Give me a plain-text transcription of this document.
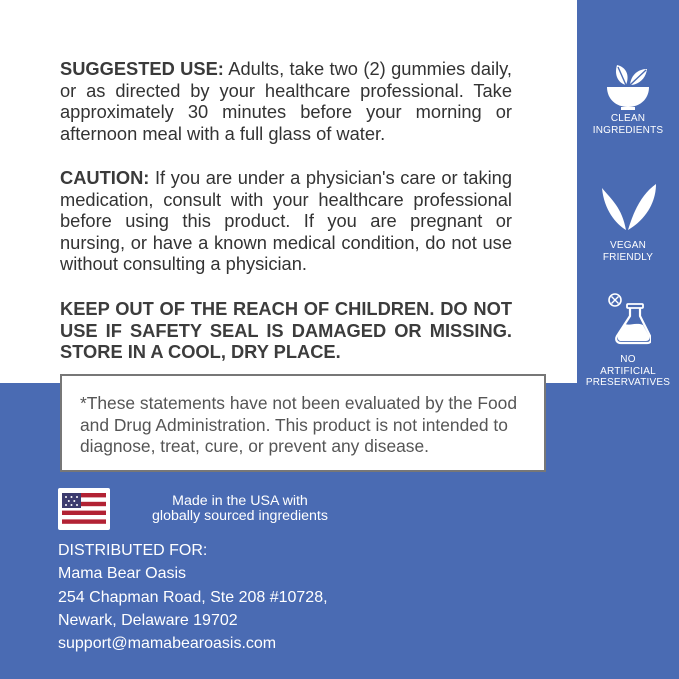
SUGGESTED USE: Adults, take two (2) gummies daily, or as directed by your healthcare professional. Take approximately 30 minutes before your morning or afternoon meal with a full glass of water.
CAUTION: If you are under a physician's care or taking medication, consult with your healthcare professional before using this product. If you are pregnant or nursing, or have a known medical condition, do not use without consulting a physician.
KEEP OUT OF THE REACH OF CHILDREN. DO NOT USE IF SAFETY SEAL IS DAMAGED OR MISSING. STORE IN A COOL, DRY PLACE.
*These statements have not been evaluated by the Food and Drug Administration. This product is not intended to diagnose, treat, cure, or prevent any disease.
CLEAN
INGREDIENTS
VEGAN
FRIENDLY
NO
ARTIFICIAL
PRESERVATIVES
Made in the USA with
globally sourced ingredients
DISTRIBUTED FOR:
Mama Bear Oasis
254 Chapman Road, Ste 208 #10728,
Newark, Delaware 19702
support@mamabearoasis.com
